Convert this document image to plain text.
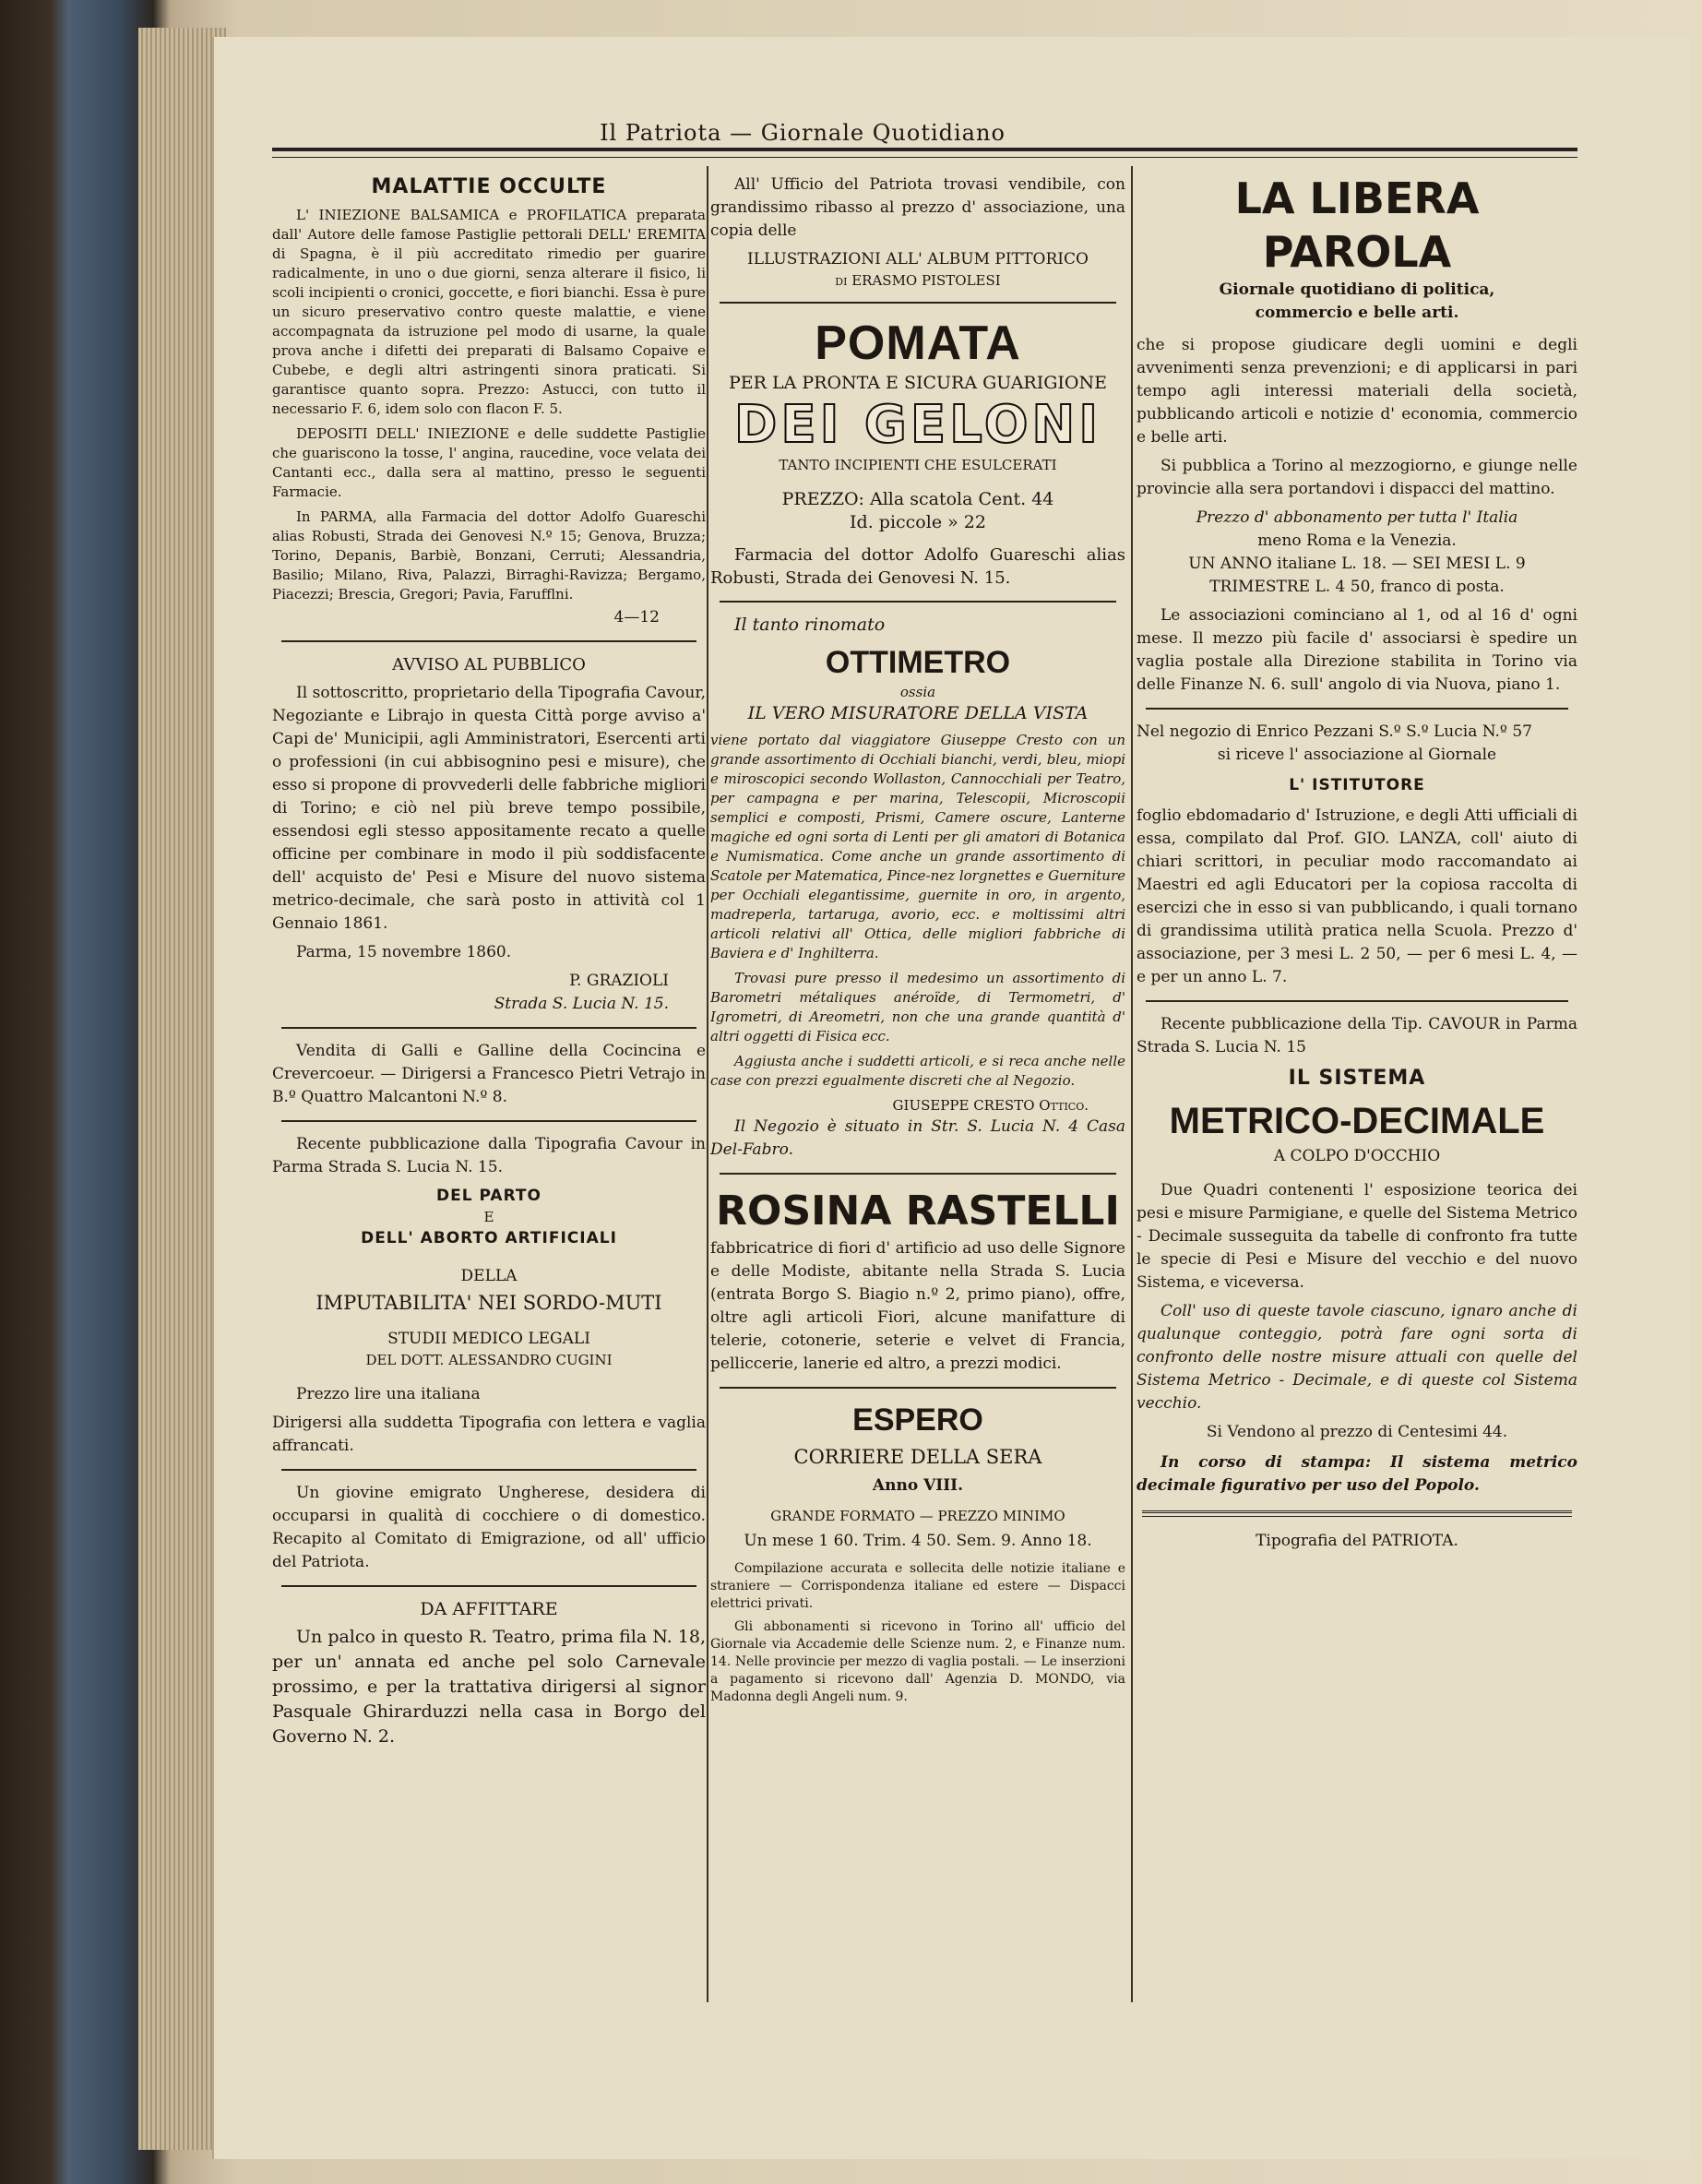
Il Patriota — Giornale Quotidiano
MALATTIE OCCULTE

L' INIEZIONE BALSAMICA e PROFILATICA preparata dall' Autore delle famose Pastiglie pettorali DELL' EREMITA di Spagna, è il più accreditato rimedio per guarire radicalmente, in uno o due giorni, senza alterare il fisico, li scoli incipienti o cronici, goccette, e fiori bianchi. Essa è pure un sicuro preservativo contro queste malattie, e viene accompagnata da istruzione pel modo di usarne, la quale prova anche i difetti dei preparati di Balsamo Copaive e Cubebe, e degli altri astringenti sinora praticati. Si garantisce quanto sopra. Prezzo: Astucci, con tutto il necessario F. 6, idem solo con flacon F. 5.

DEPOSITI DELL' INIEZIONE e delle suddette Pastiglie che guariscono la tosse, l' angina, raucedine, voce velata dei Cantanti ecc., dalla sera al mattino, presso le seguenti Farmacie.

In PARMA, alla Farmacia del dottor Adolfo Guareschi alias Robusti, Strada dei Genovesi N.º 15; Genova, Bruzza; Torino, Depanis, Barbiè, Bonzani, Cerruti; Alessandria, Basilio; Milano, Riva, Palazzi, Birraghi-Ravizza; Bergamo, Piacezzi; Brescia, Gregori; Pavia, Farufflni.

4—12
AVVISO AL PUBBLICO

Il sottoscritto, proprietario della Tipografia Cavour, Negoziante e Librajo in questa Città porge avviso a' Capi de' Municipii, agli Amministratori, Esercenti arti o professioni (in cui abbisognino pesi e misure), che esso si propone di provvederli delle fabbriche migliori di Torino; e ciò nel più breve tempo possibile, essendosi egli stesso appositamente recato a quelle officine per combinare in modo il più soddisfacente dell' acquisto de' Pesi e Misure del nuovo sistema metrico-decimale, che sarà posto in attività col 1 Gennaio 1861.

Parma, 15 novembre 1860.

P. GRAZIOLI
Strada S. Lucia N. 15.

Vendita di Galli e Galline della Cocincina e Crevercoeur. — Dirigersi a Francesco Pietri Vetrajo in B.º Quattro Malcantoni N.º 8.

Recente pubblicazione dalla Tipografia Cavour in Parma Strada S. Lucia N. 15.

DEL PARTO
E
DELL' ABORTO ARTIFICIALI
DELLA
IMPUTABILITA' NEI SORDO-MUTI
STUDII MEDICO LEGALI
DEL DOTT. ALESSANDRO CUGINI

Prezzo lire una italiana

Dirigersi alla suddetta Tipografia con lettera e vaglia affrancati.

Un giovine emigrato Ungherese, desidera di occuparsi in qualità di cocchiere o di domestico. Recapito al Comitato di Emigrazione, od all' ufficio del Patriota.

DA AFFITTARE

Un palco in questo R. Teatro, prima fila N. 18, per un' annata ed anche pel solo Carnevale prossimo, e per la trattativa dirigersi al signor Pasquale Ghirarduzzi nella casa in Borgo del Governo N. 2.

All' Ufficio del Patriota trovasi vendibile, con grandissimo ribasso al prezzo d' associazione, una copia delle

ILLUSTRAZIONI ALL' ALBUM PITTORICO
di ERASMO PISTOLESI
POMATA
PER LA PRONTA E SICURA GUARIGIONE
DEI GELONI
TANTO INCIPIENTI CHE ESULCERATI
PREZZO: Alla scatola Cent. 44
Id. piccole » 22

Farmacia del dottor Adolfo Guareschi alias Robusti, Strada dei Genovesi N. 15.

Il tanto rinomato

OTTIMETRO
ossia
IL VERO MISURATORE DELLA VISTA

viene portato dal viaggiatore Giuseppe Cresto con un grande assortimento di Occhiali bianchi, verdi, bleu, miopi e miroscopici secondo Wollaston, Cannocchiali per Teatro, per campagna e per marina, Telescopii, Microscopii semplici e composti, Prismi, Camere oscure, Lanterne magiche ed ogni sorta di Lenti per gli amatori di Botanica e Numismatica. Come anche un grande assortimento di Scatole per Matematica, Pince-nez lorgnettes e Guerniture per Occhiali elegantissime, guernite in oro, in argento, madreperla, tartaruga, avorio, ecc. e moltissimi altri articoli relativi all' Ottica, delle migliori fabbriche di Baviera e d' Inghilterra.

Trovasi pure presso il medesimo un assortimento di Barometri métaliques anéroïde, di Termometri, d' Igrometri, di Areometri, non che una grande quantità d' altri oggetti di Fisica ecc.

Aggiusta anche i suddetti articoli, e si reca anche nelle case con prezzi egualmente discreti che al Negozio.

GIUSEPPE CRESTO Ottico.

Il Negozio è situato in Str. S. Lucia N. 4 Casa Del-Fabro.

ROSINA RASTELLI

fabbricatrice di fiori d' artificio ad uso delle Signore e delle Modiste, abitante nella Strada S. Lucia (entrata Borgo S. Biagio n.º 2, primo piano), offre, oltre agli articoli Fiori, alcune manifatture di telerie, cotonerie, seterie e velvet di Francia, pelliccerie, lanerie ed altro, a prezzi modici.

ESPERO
CORRIERE DELLA SERA
Anno VIII.
GRANDE FORMATO — PREZZO MINIMO
Un mese 1 60. Trim. 4 50. Sem. 9. Anno 18.

Compilazione accurata e sollecita delle notizie italiane e straniere — Corrispondenza italiane ed estere — Dispacci elettrici privati.

Gli abbonamenti si ricevono in Torino all' ufficio del Giornale via Accademie delle Scienze num. 2, e Finanze num. 14. Nelle provincie per mezzo di vaglia postali. — Le inserzioni a pagamento si ricevono dall' Agenzia D. MONDO, via Madonna degli Angeli num. 9.

LA LIBERA PAROLA
Giornale quotidiano di politica,
commercio e belle arti.

che si propose giudicare degli uomini e degli avvenimenti senza prevenzioni; e di applicarsi in pari tempo agli interessi materiali della società, pubblicando articoli e notizie d' economia, commercio e belle arti.

Si pubblica a Torino al mezzogiorno, e giunge nelle provincie alla sera portandovi i dispacci del mattino.

Prezzo d' abbonamento per tutta l' Italia
meno Roma e la Venezia.
UN ANNO italiane L. 18. — SEI MESI L. 9
TRIMESTRE L. 4 50, franco di posta.

Le associazioni cominciano al 1, od al 16 d' ogni mese. Il mezzo più facile d' associarsi è spedire un vaglia postale alla Direzione stabilita in Torino via delle Finanze N. 6. sull' angolo di via Nuova, piano 1.

Nel negozio di Enrico Pezzani S.º S.º Lucia N.º 57
si riceve l' associazione al Giornale
L' ISTITUTORE

foglio ebdomadario d' Istruzione, e degli Atti ufficiali di essa, compilato dal Prof. GIO. LANZA, coll' aiuto di chiari scrittori, in peculiar modo raccomandato ai Maestri ed agli Educatori per la copiosa raccolta di esercizi che in esso si van pubblicando, i quali tornano di grandissima utilità pratica nella Scuola. Prezzo d' associazione, per 3 mesi L. 2 50, — per 6 mesi L. 4, — e per un anno L. 7.

Recente pubblicazione della Tip. CAVOUR in Parma Strada S. Lucia N. 15

IL SISTEMA
METRICO-DECIMALE
A COLPO D'OCCHIO

Due Quadri contenenti l' esposizione teorica dei pesi e misure Parmigiane, e quelle del Sistema Metrico - Decimale susseguita da tabelle di confronto fra tutte le specie di Pesi e Misure del vecchio e del nuovo Sistema, e viceversa.

Coll' uso di queste tavole ciascuno, ignaro anche di qualunque conteggio, potrà fare ogni sorta di confronto delle nostre misure attuali con quelle del Sistema Metrico - Decimale, e di queste col Sistema vecchio.

Si Vendono al prezzo di Centesimi 44.

In corso di stampa: Il sistema metrico decimale figurativo per uso del Popolo.

Tipografia del PATRIOTA.
